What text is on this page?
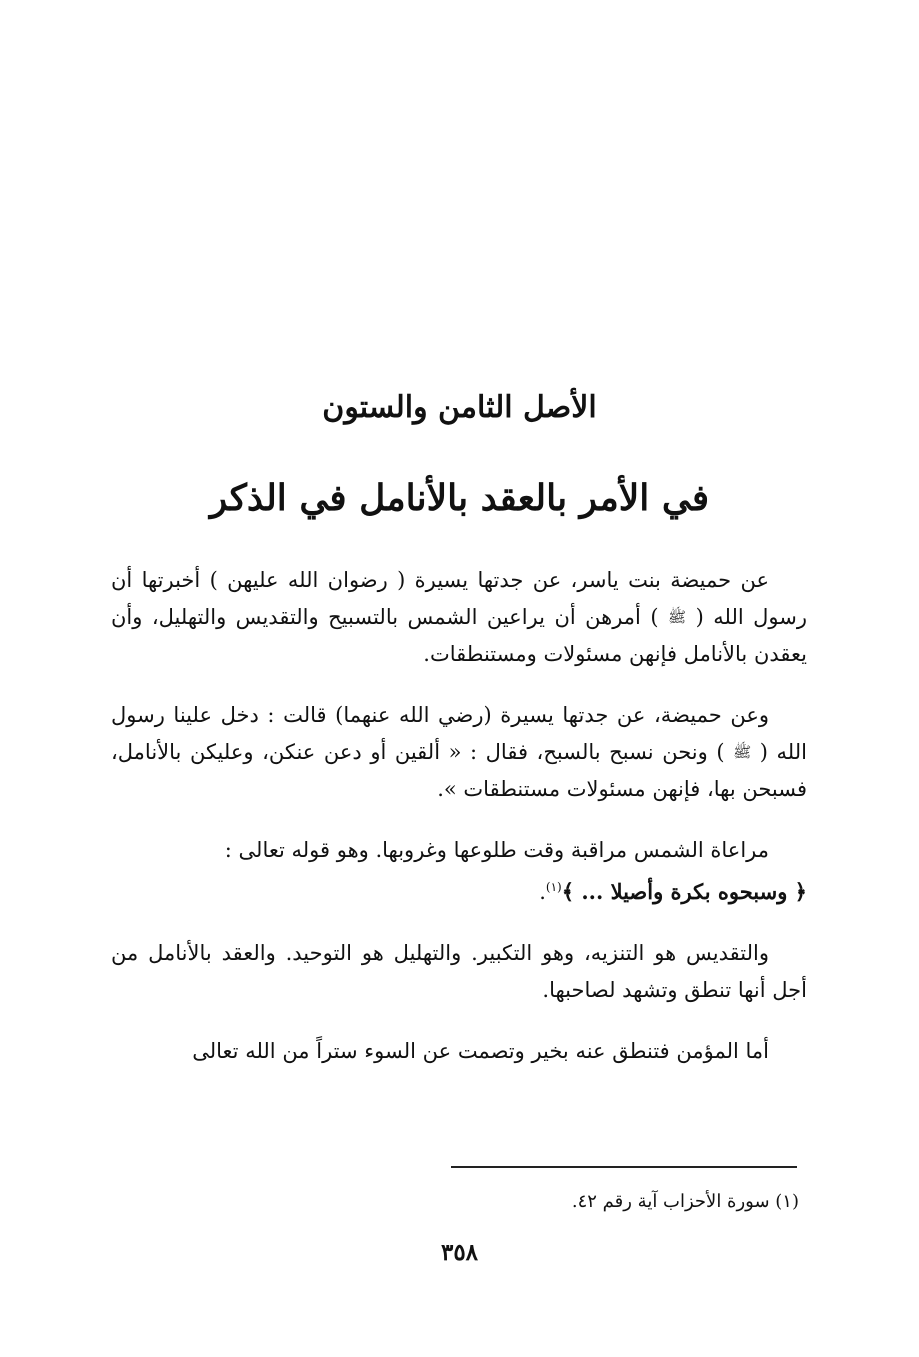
الأصل الثامن والستون
في الأمر بالعقد بالأنامل في الذكر

عن حميضة بنت ياسر، عن جدتها يسيرة ( رضوان الله عليهن ) أخبرتها أن رسول الله ( ﷺ ) أمرهن أن يراعين الشمس بالتسبيح والتقديس والتهليل، وأن يعقدن بالأنامل فإنهن مسئولات ومستنطقات.

وعن حميضة، عن جدتها يسيرة (رضي الله عنهما) قالت : دخل علينا رسول الله ( ﷺ ) ونحن نسبح بالسبح، فقال : « ألقين أو دعن عنكن، وعليكن بالأنامل، فسبحن بها، فإنهن مسئولات مستنطقات ».

مراعاة الشمس مراقبة وقت طلوعها وغروبها. وهو قوله تعالى :
﴿ وسبحوه بكرة وأصيلا ... ﴾$^{(١)}$.

والتقديس هو التنزيه، وهو التكبير. والتهليل هو التوحيد. والعقد بالأنامل من أجل أنها تنطق وتشهد لصاحبها.

أما المؤمن فتنطق عنه بخير وتصمت عن السوء ستراً من الله تعالى

(١) سورة الأحزاب آية رقم ٤٢.
٣٥٨
